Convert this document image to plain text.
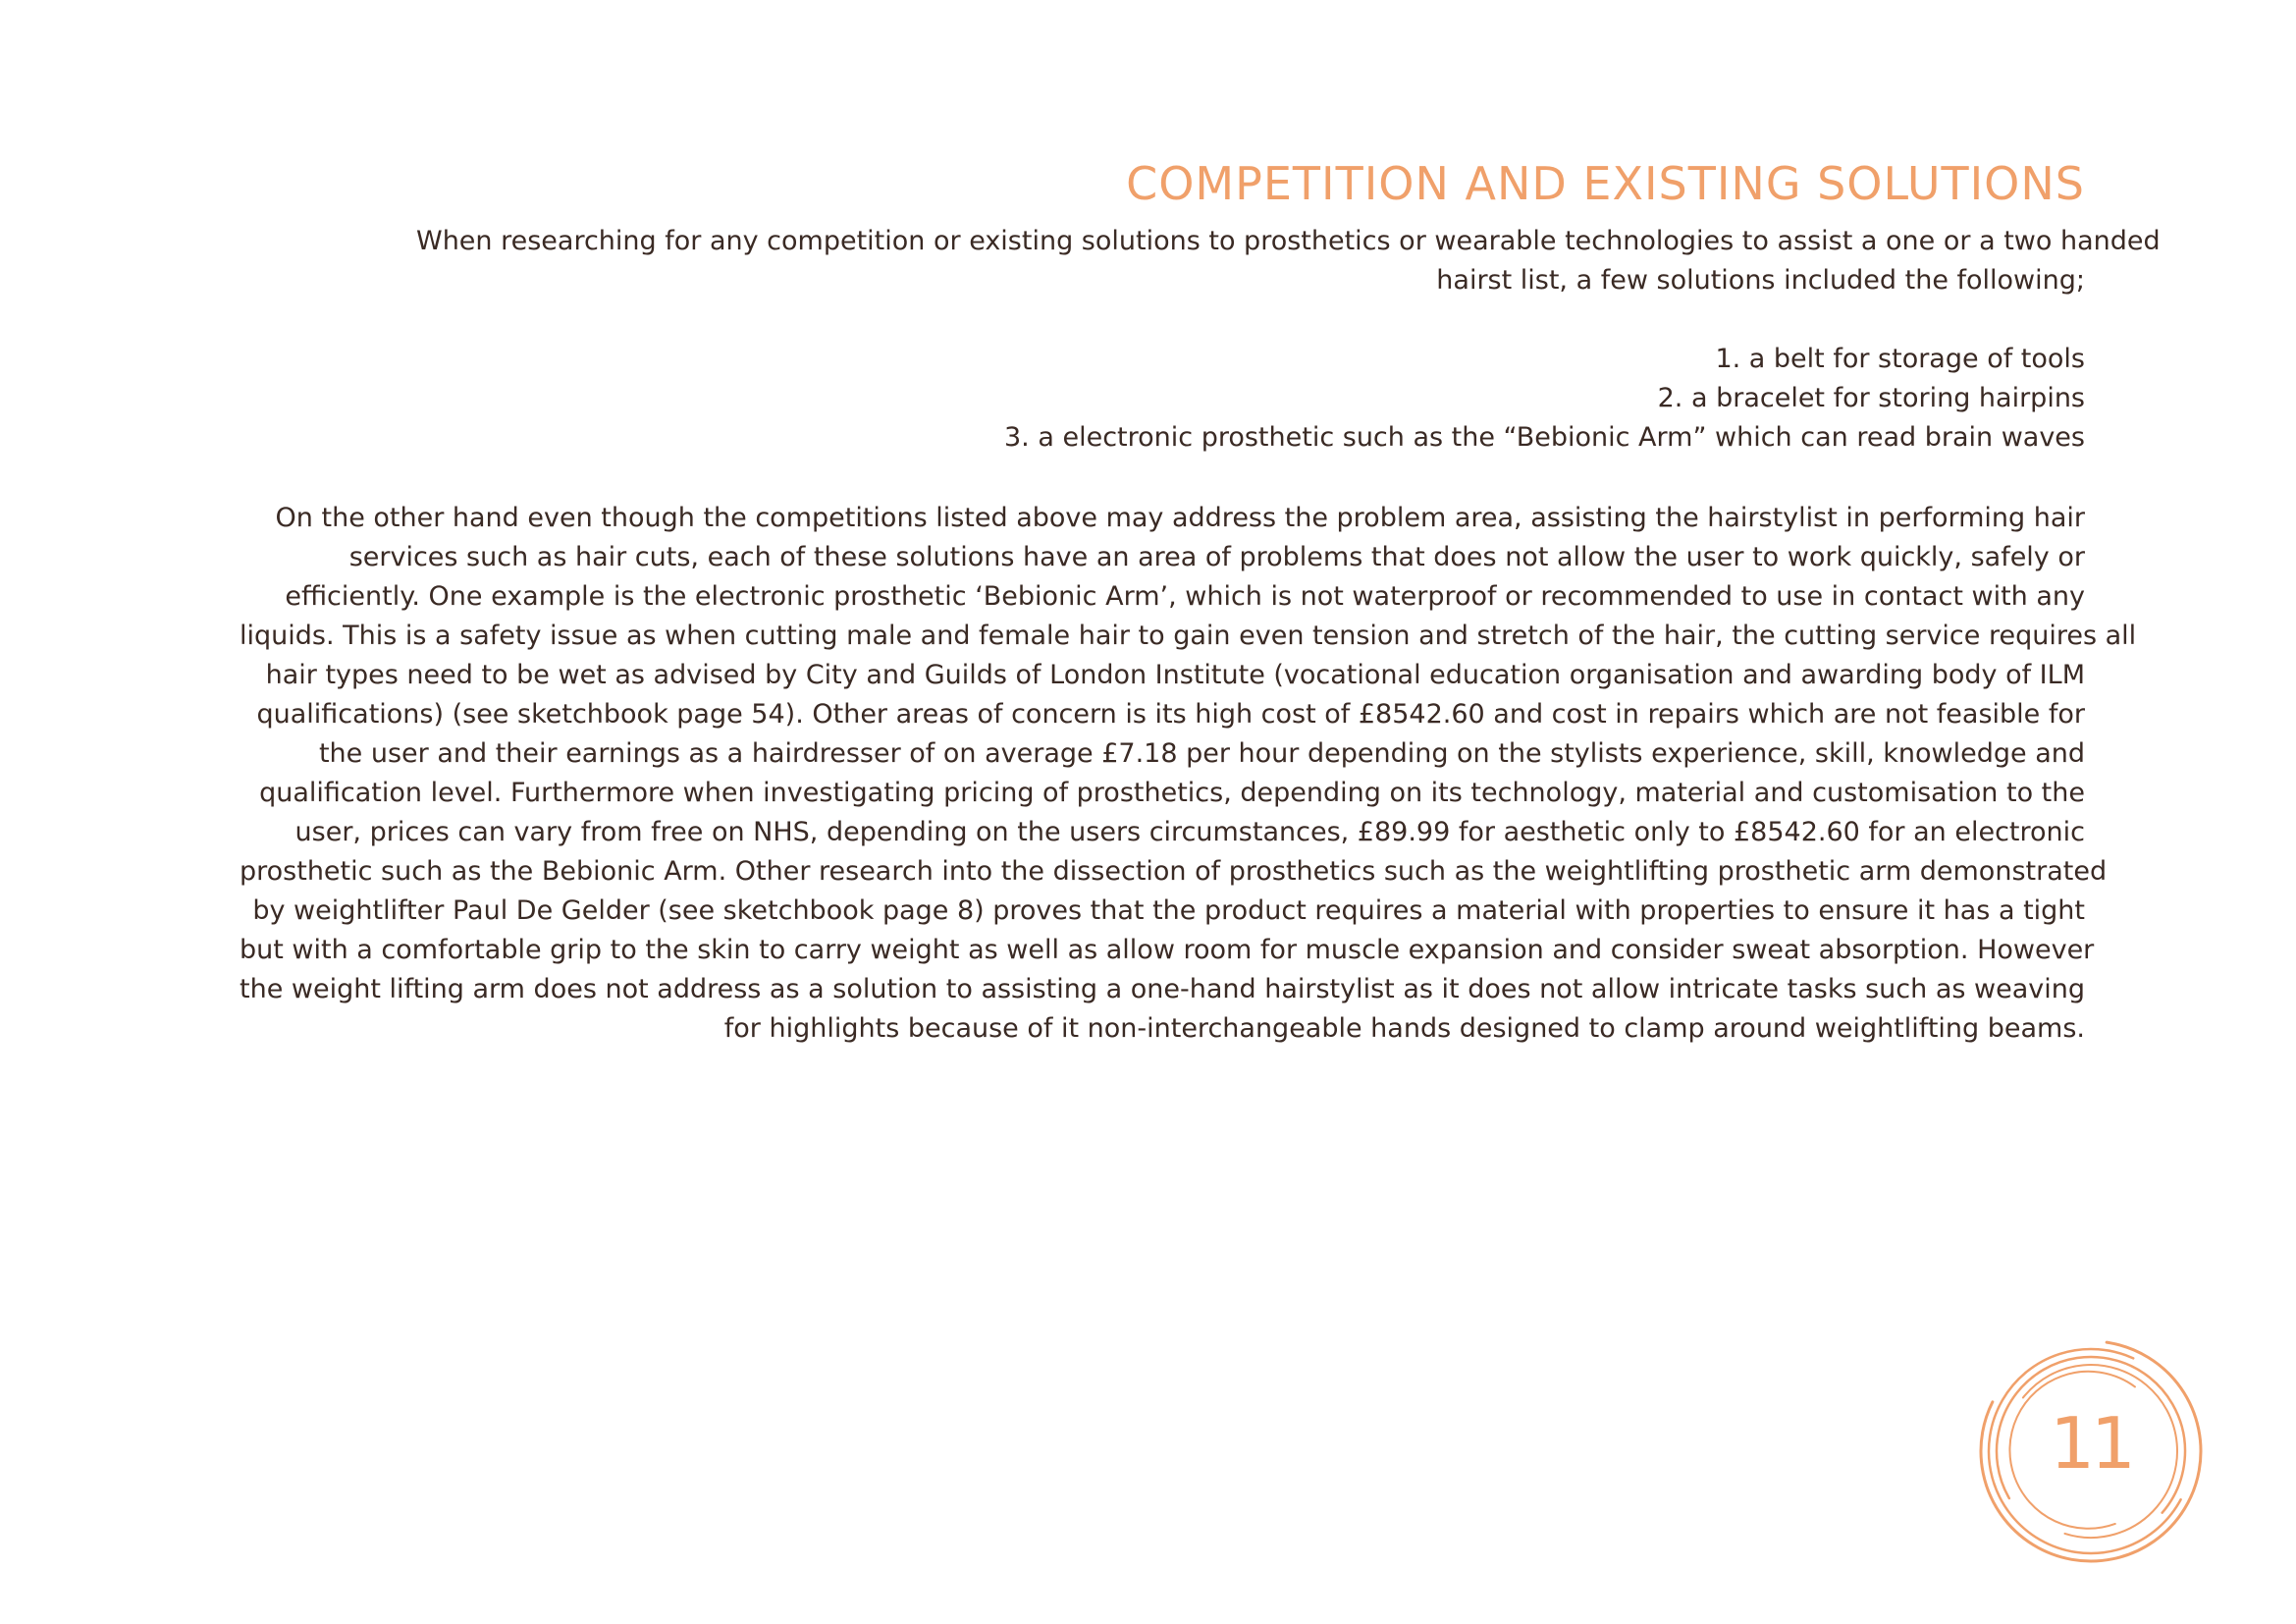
COMPETITION AND EXISTING SOLUTIONS

When researching for any competition or existing solutions to prosthetics or wearable technologies to assist a one or a two handed
hairst list, a few solutions included the following;

1. a belt for storage of tools
2. a bracelet for storing hairpins
3. a electronic prosthetic such as the “Bebionic Arm” which can read brain waves

On the other hand even though the competitions listed above may address the problem area, assisting the hairstylist in performing hair
services such as hair cuts, each of these solutions have an area of problems that does not allow the user to work quickly, safely or
efficiently. One example is the electronic prosthetic ‘Bebionic Arm’, which is not waterproof or recommended to use in contact with any
liquids. This is a safety issue as when cutting male and female hair to gain even tension and stretch of the hair, the cutting service requires all
hair types need to be wet as advised by City and Guilds of London Institute (vocational education organisation and awarding body of ILM
qualifications) (see sketchbook page 54). Other areas of concern is its high cost of £8542.60 and cost in repairs which are not feasible for
the user and their earnings as a hairdresser of on average £7.18 per hour depending on the stylists experience, skill, knowledge and
qualification level. Furthermore when investigating pricing of prosthetics, depending on its technology, material and customisation to the
user, prices can vary from free on NHS, depending on the users circumstances, £89.99 for aesthetic only to £8542.60 for an electronic
prosthetic such as the Bebionic Arm. Other research into the dissection of prosthetics such as the weightlifting prosthetic arm demonstrated
by weightlifter Paul De Gelder (see sketchbook page 8) proves that the product requires a material with properties to ensure it has a tight
but with a comfortable grip to the skin to carry weight as well as allow room for muscle expansion and consider sweat absorption. However
the weight lifting arm does not address as a solution to assisting a one-hand hairstylist as it does not allow intricate tasks such as weaving
for highlights because of it non-interchangeable hands designed to clamp around weightlifting beams.

11
